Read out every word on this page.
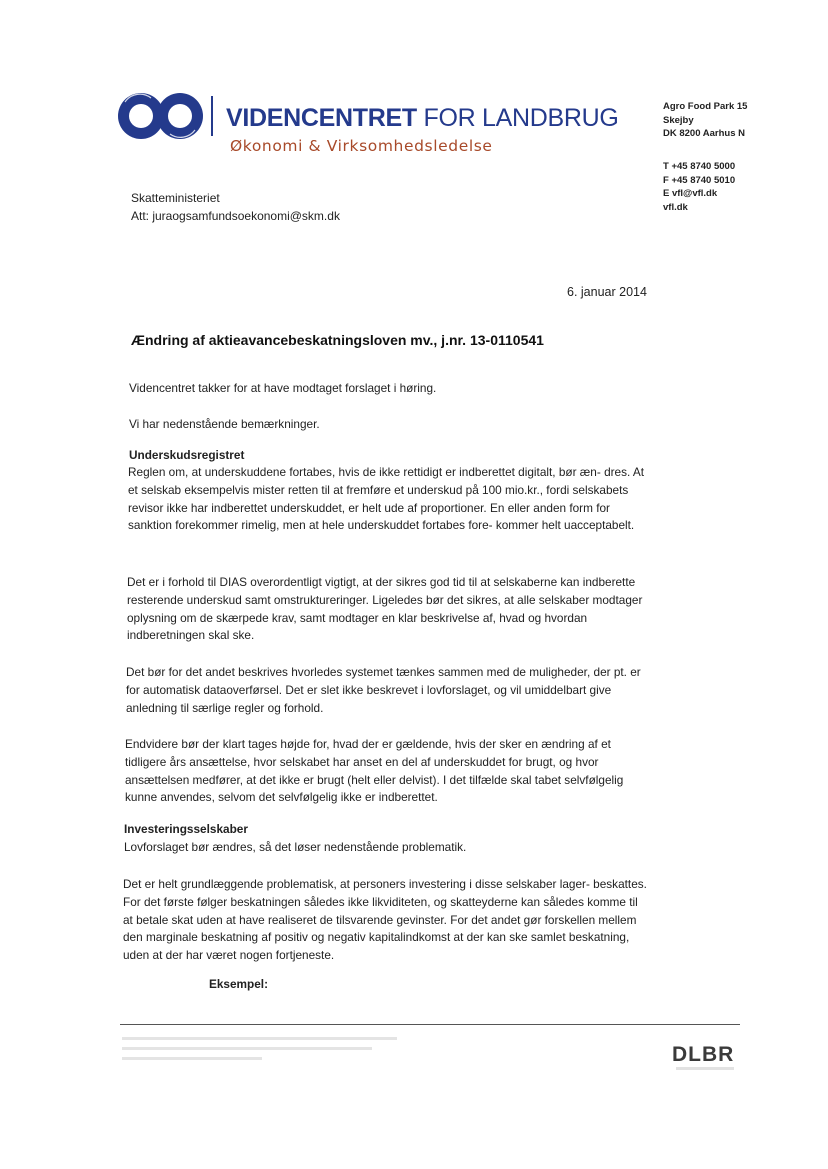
VIDENCENTRET FOR LANDBRUG
Økonomi & Virksomhedsledelse
Agro Food Park 15
Skejby
DK 8200 Aarhus N
T +45 8740 5000
F +45 8740 5010
E vfl@vfl.dk
vfl.dk
Skatteministeriet
Att: juraogsamfundsoekonomi@skm.dk
6. januar 2014
Ændring af aktieavancebeskatningsloven mv., j.nr. 13-0110541

Videncentret takker for at have modtaget forslaget i høring.

Vi har nedenstående bemærkninger.

Underskudsregistret

Reglen om, at underskuddene fortabes, hvis de ikke rettidigt er indberettet digitalt, bør æn- dres. At et selskab eksempelvis mister retten til at fremføre et underskud på 100 mio.kr., fordi selskabets revisor ikke har indberettet underskuddet, er helt ude af proportioner. En eller anden form for sanktion forekommer rimelig, men at hele underskuddet fortabes fore- kommer helt uacceptabelt.

Det er i forhold til DIAS overordentligt vigtigt, at der sikres god tid til at selskaberne kan indberette resterende underskud samt omstruktureringer. Ligeledes bør det sikres, at alle selskaber modtager oplysning om de skærpede krav, samt modtager en klar beskrivelse af, hvad og hvordan indberetningen skal ske.

Det bør for det andet beskrives hvorledes systemet tænkes sammen med de muligheder, der pt. er for automatisk dataoverførsel. Det er slet ikke beskrevet i lovforslaget, og vil umiddelbart give anledning til særlige regler og forhold.

Endvidere bør der klart tages højde for, hvad der er gældende, hvis der sker en ændring af et tidligere års ansættelse, hvor selskabet har anset en del af underskuddet for brugt, og hvor ansættelsen medfører, at det ikke er brugt (helt eller delvist). I det tilfælde skal tabet selvfølgelig kunne anvendes, selvom det selvfølgelig ikke er indberettet.

Investeringsselskaber

Lovforslaget bør ændres, så det løser nedenstående problematik.

Det er helt grundlæggende problematisk, at personers investering i disse selskaber lager- beskattes. For det første følger beskatningen således ikke likviditeten, og skatteyderne kan således komme til at betale skat uden at have realiseret de tilsvarende gevinster. For det andet gør forskellen mellem den marginale beskatning af positiv og negativ kapitalindkomst at der kan ske samlet beskatning, uden at der har været nogen fortjeneste.

Eksempel:
DLBR
